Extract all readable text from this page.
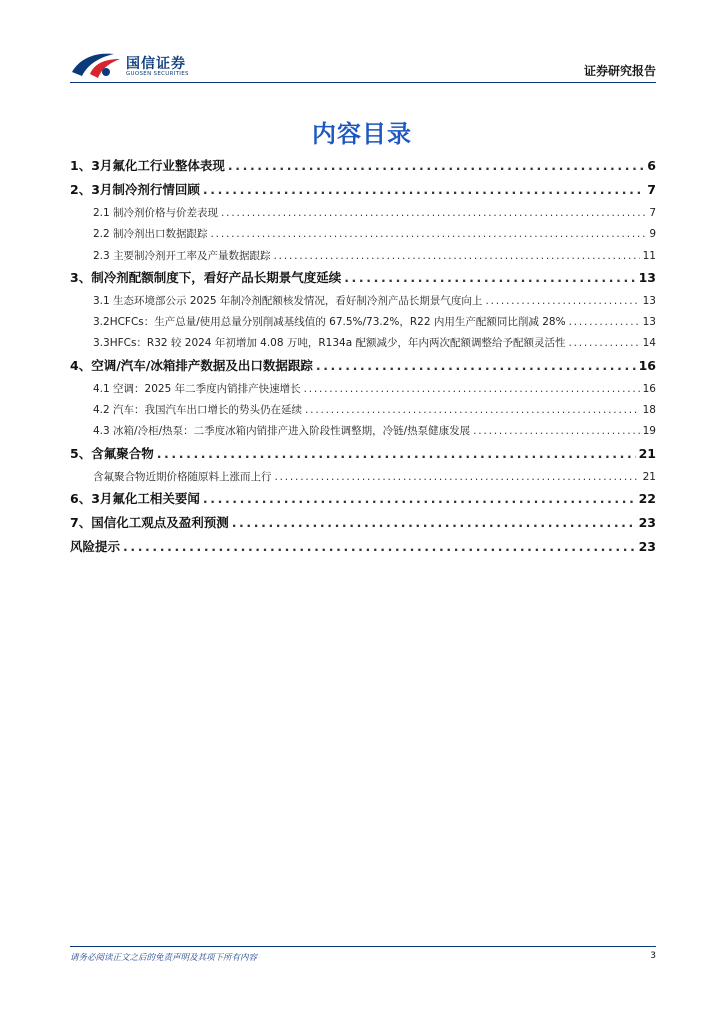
国信证券
GUOSEN SECURITIES	证券研究报告
内容目录
1、3月氟化工行业整体表现 .....	6
2、3月制冷剂行情回顾 .....	7
2.1 制冷剂价格与价差表现 .....	7
2.2 制冷剂出口数据跟踪 .....	9
2.3 主要制冷剂开工率及产量数据跟踪 .....	11
3、制冷剂配额制度下，看好产品长期景气度延续 .....	13
3.1 生态环境部公示 2025 年制冷剂配额核发情况，看好制冷剂产品长期景气度向上 .....	13
3.2HCFCs：生产总量/使用总量分别削减基线值的 67.5%/73.2%，R22 内用生产配额同比削减 28% .....	13
3.3HFCs：R32 较 2024 年初增加 4.08 万吨，R134a 配额减少，年内两次配额调整给予配额灵活性 .....	14
4、空调/汽车/冰箱排产数据及出口数据跟踪 .....	16
4.1 空调：2025 年二季度内销排产快速增长 .....	16
4.2 汽车：我国汽车出口增长的势头仍在延续 .....	18
4.3 冰箱/冷柜/热泵：二季度冰箱内销排产进入阶段性调整期，冷链/热泵健康发展 .....	19
5、含氟聚合物 .....	21
含氟聚合物近期价格随原料上涨而上行 .....	21
6、3月氟化工相关要闻 .....	22
7、国信化工观点及盈利预测 .....	23
风险提示 .....	23
请务必阅读正文之后的免责声明及其项下所有内容	3
